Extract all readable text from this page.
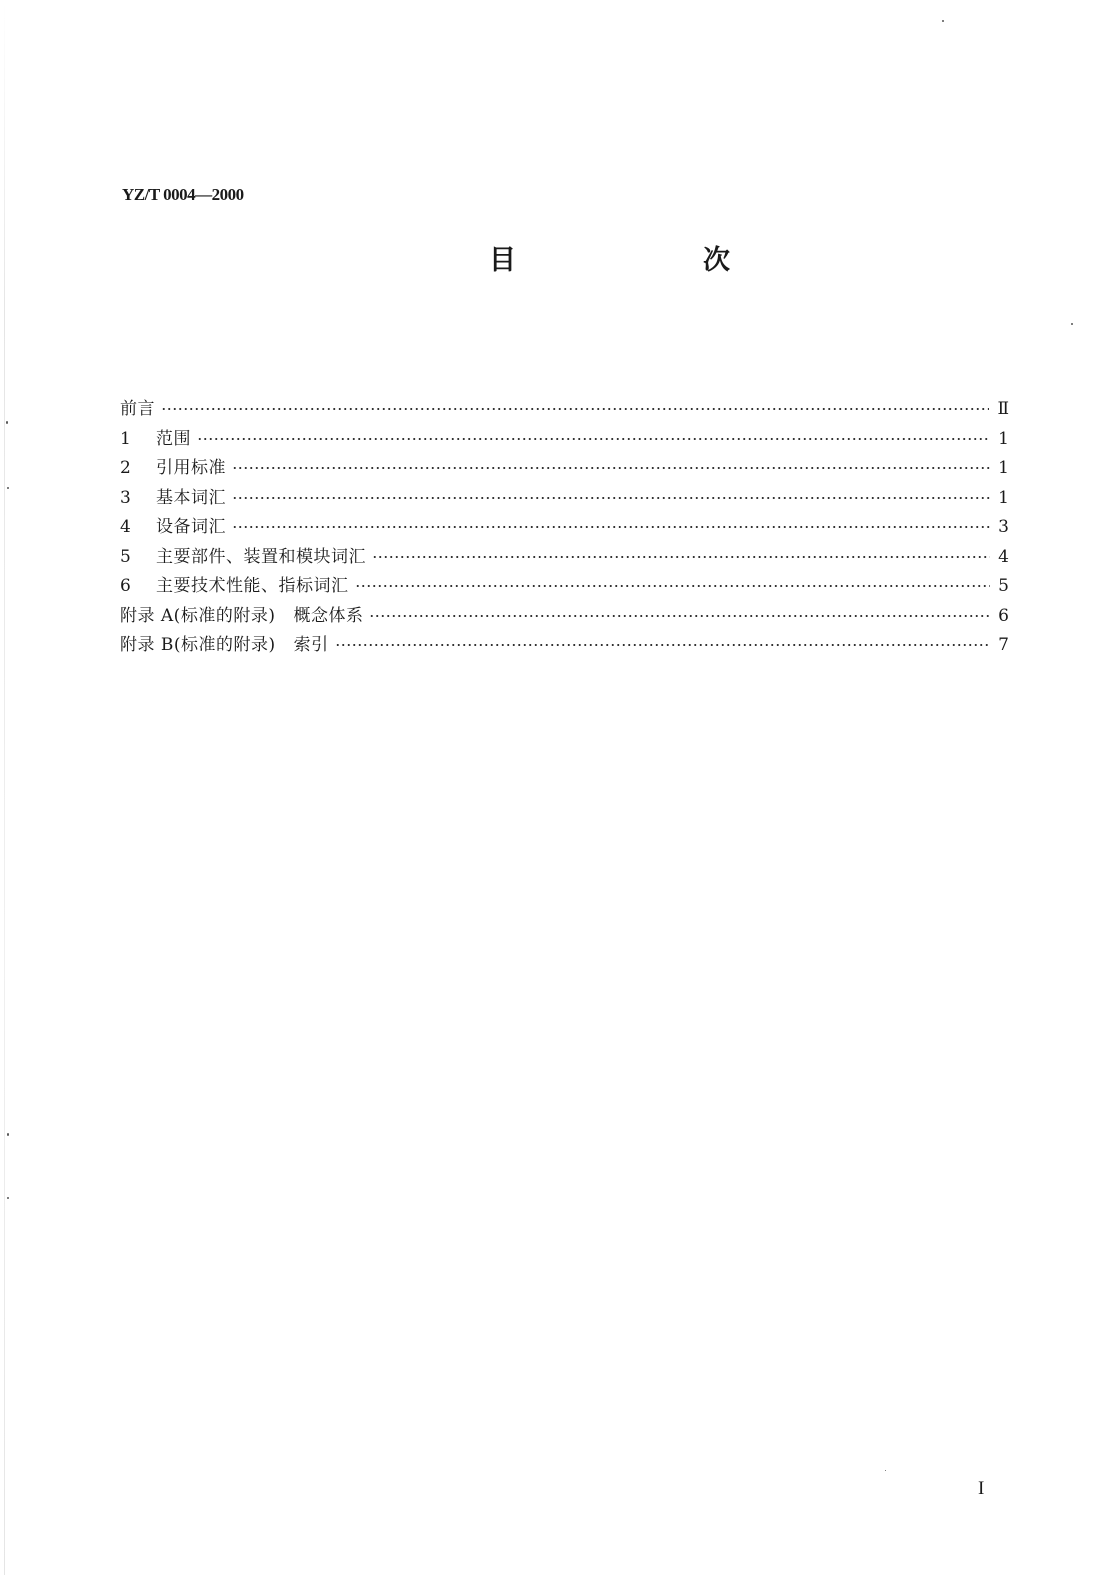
YZ/T 0004—2000
目　次
前言	Ⅱ
1	范围	1
2	引用标准	1
3	基本词汇	1
4	设备词汇	3
5	主要部件、装置和模块词汇	4
6	主要技术性能、指标词汇	5
附录 A(标准的附录) 概念体系	6
附录 B(标准的附录) 索引	7
I
